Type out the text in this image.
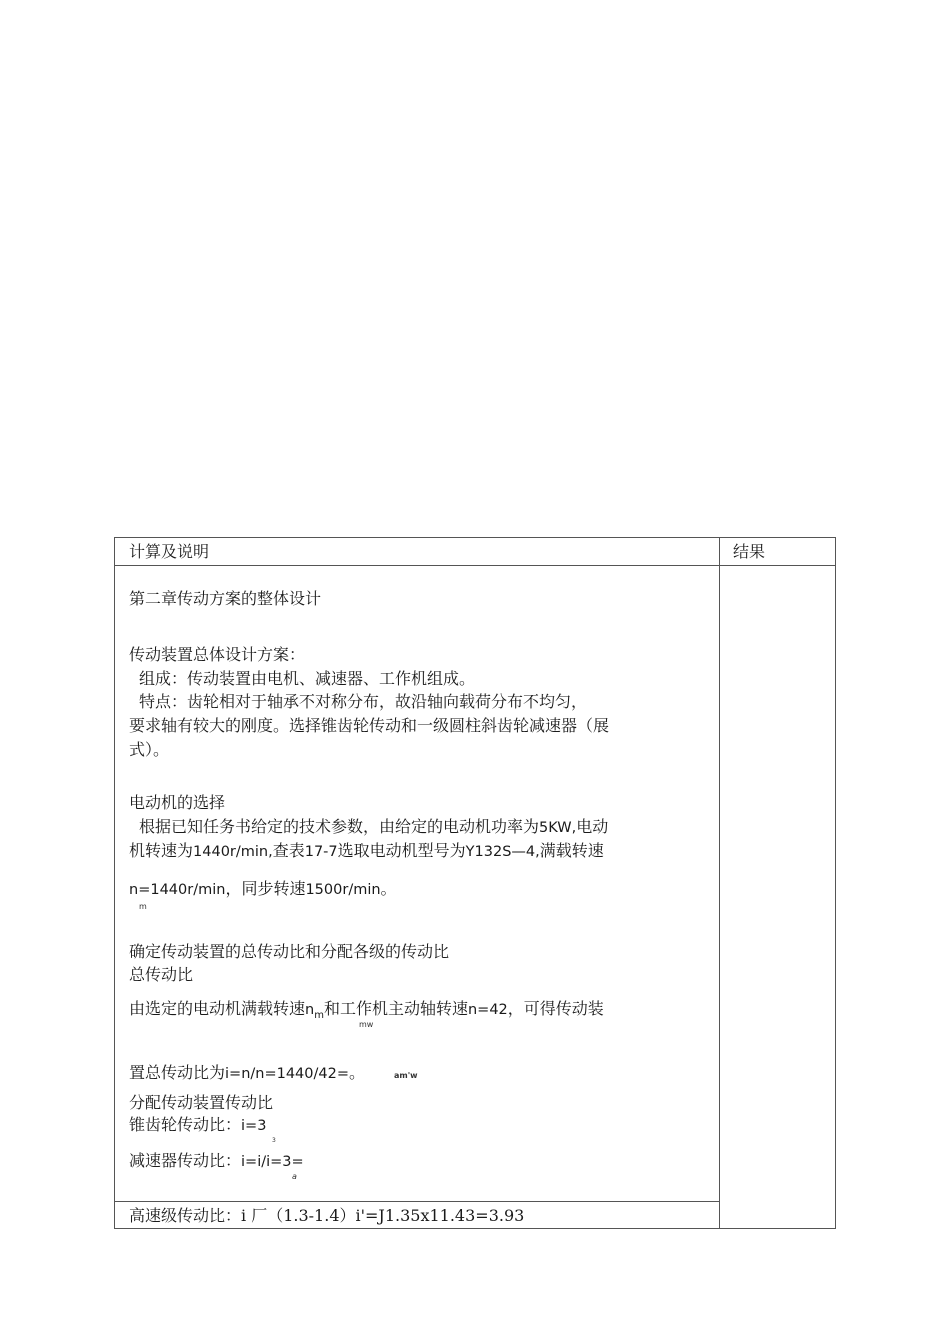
计算及说明	结果
第二章传动方案的整体设计
传动装置总体设计方案：
组成：传动装置由电机、减速器、工作机组成。
特点：齿轮相对于轴承不对称分布，故沿轴向载荷分布不均匀，
要求轴有较大的刚度。选择锥齿轮传动和一级圆柱斜齿轮减速器（展
式）。
电动机的选择
根据已知任务书给定的技术参数，由给定的电动机功率为5KW,电动
机转速为1440r/min,查表17-7选取电动机型号为Y132S—4,满载转速
n=1440r/min，同步转速1500r/min。
m
确定传动装置的总传动比和分配各级的传动比
总传动比
由选定的电动机满载转速$n_m$和工作机主动轴转速n=42，可得传动装
mw
置总传动比为i=n/n=1440/42=。	am'w
分配传动装置传动比
锥齿轮传动比：i=3
3
减速器传动比：i=i/i=3=
a
高速级传动比：i 厂（1.3-1.4）i'=J1.35x11.43=3.93
